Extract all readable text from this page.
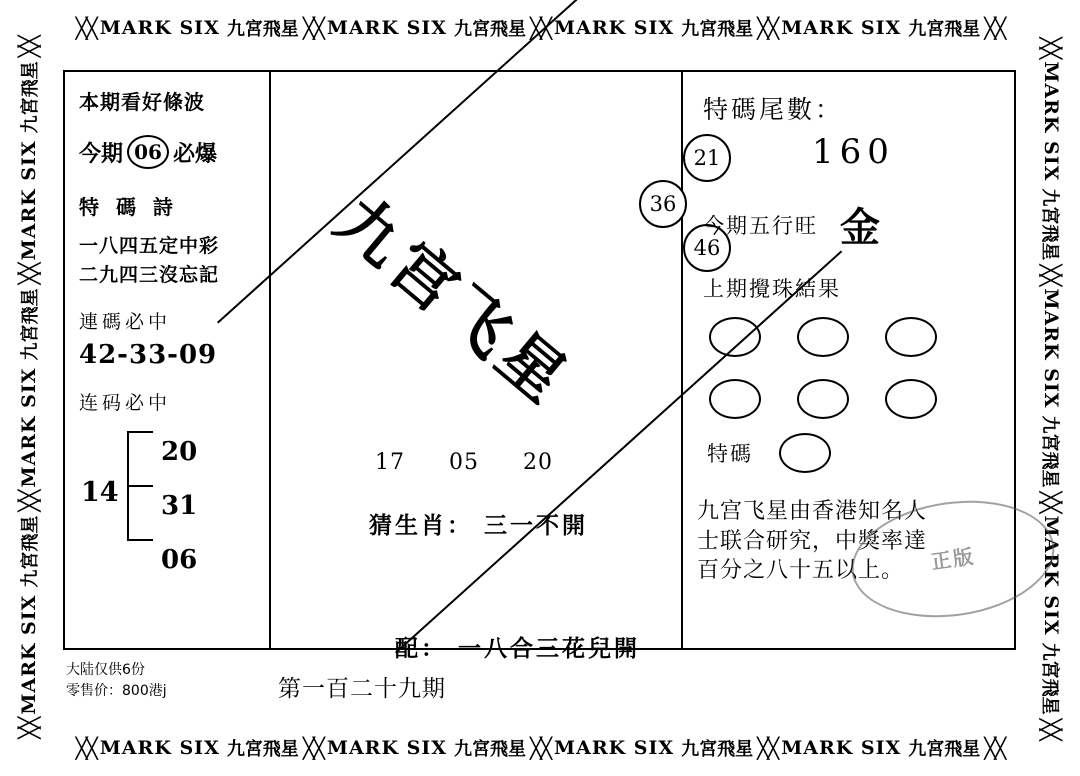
╳╳ MARK SIX 九宮飛星 ╳╳ MARK SIX 九宮飛星 ╳╳ MARK SIX 九宮飛星 ╳╳ MARK SIX 九宮飛星 ╳╳
╳╳ MARK SIX 九宮飛星 ╳╳ MARK SIX 九宮飛星 ╳╳ MARK SIX 九宮飛星 ╳╳ MARK SIX 九宮飛星 ╳╳
╳╳
MARK SIX
九宮飛星
╳╳
MARK SIX
九宮飛星
╳╳
MARK SIX
九宮飛星
╳╳	╳╳
MARK SIX
九宮飛星
╳╳
MARK SIX
九宮飛星
╳╳
MARK SIX
九宮飛星
╳╳
本期看好條波
今期 06 必爆
特 碼 詩
一八四五定中彩
二九四三沒忘記
連碼必中
42-33-09
连码必中
14
20
31
06
九宫飞星
21
36
46
17 05 20
猜生肖： 三一不開
配： 一八合三花兒開
特碼尾數：
160
今期五行旺 金
上期攪珠結果
特碼
九宫飞星由香港知名人
士联合研究，中獎率達
百分之八十五以上。	正版
大陆仅供6份
零售价：800港ϳ	第一百二十九期
